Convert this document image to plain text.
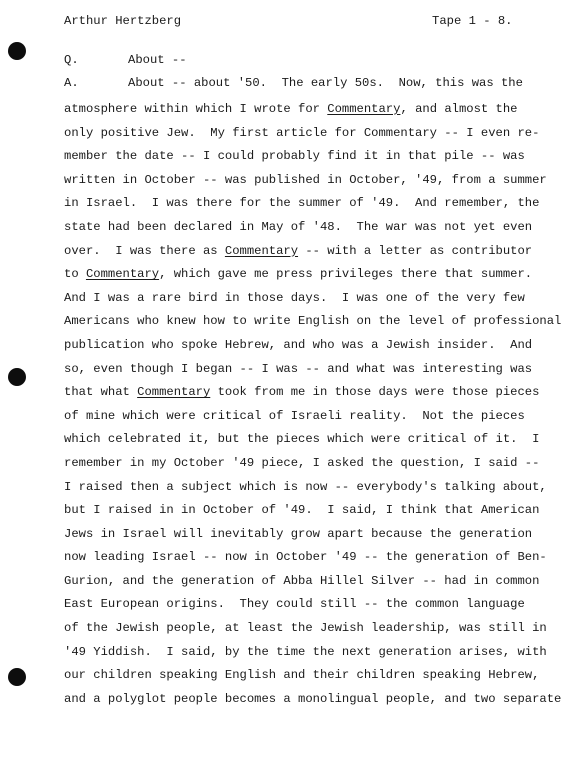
Arthur Hertzberg	Tape 1 - 8.
Q.	About --
A.	About -- about '50.  The early 50s.  Now, this was the
atmosphere within which I wrote for Commentary, and almost the
only positive Jew.  My first article for Commentary -- I even re-
member the date -- I could probably find it in that pile -- was
written in October -- was published in October, '49, from a summer
in Israel.  I was there for the summer of '49.  And remember, the
state had been declared in May of '48.  The war was not yet even
over.  I was there as Commentary -- with a letter as contributor
to Commentary, which gave me press privileges there that summer.
And I was a rare bird in those days.  I was one of the very few
Americans who knew how to write English on the level of professional
publication who spoke Hebrew, and who was a Jewish insider.  And
so, even though I began -- I was -- and what was interesting was
that what Commentary took from me in those days were those pieces
of mine which were critical of Israeli reality.  Not the pieces
which celebrated it, but the pieces which were critical of it.  I
remember in my October '49 piece, I asked the question, I said --
I raised then a subject which is now -- everybody's talking about,
but I raised in in October of '49.  I said, I think that American
Jews in Israel will inevitably grow apart because the generation
now leading Israel -- now in October '49 -- the generation of Ben-
Gurion, and the generation of Abba Hillel Silver -- had in common
East European origins.  They could still -- the common language
of the Jewish people, at least the Jewish leadership, was still in
'49 Yiddish.  I said, by the time the next generation arises, with
our children speaking English and their children speaking Hebrew,
and a polyglot people becomes a monolingual people, and two separate
